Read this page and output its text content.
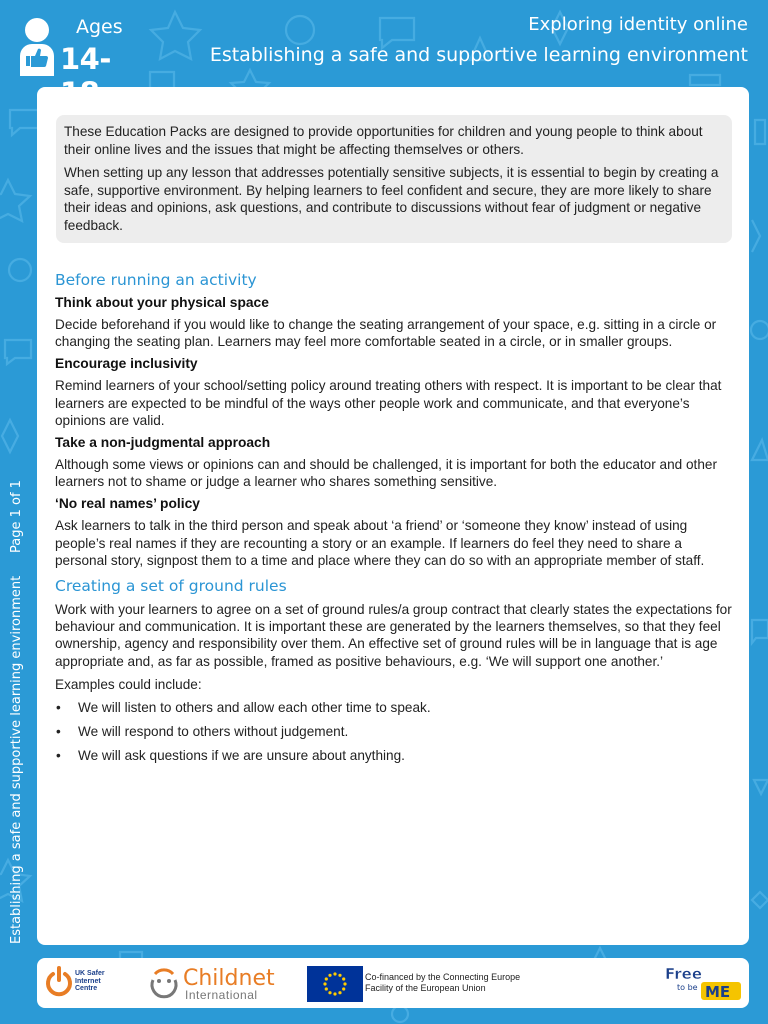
Ages
14-
Exploring identity online
Establishing a safe and supportive learning environment
Establishing a safe and supportive learning environment
Page 1 of 1

These Education Packs are designed to provide opportunities for children and young people to think about their online lives and the issues that might be affecting themselves or others.

When setting up any lesson that addresses potentially sensitive subjects, it is essential to begin by creating a safe, supportive environment. By helping learners to feel confident and secure, they are more likely to share their ideas and opinions, ask questions, and contribute to discussions without fear of judgment or negative feedback.

Before running an activity
Think about your physical space

Decide beforehand if you would like to change the seating arrangement of your space, e.g. sitting in a circle or changing the seating plan. Learners may feel more comfortable seated in a circle, or in smaller groups.

Encourage inclusivity

Remind learners of your school/setting policy around treating others with respect. It is important to be clear that learners are expected to be mindful of the ways other people work and communicate, and that everyone’s opinions are valid.

Take a non-judgmental approach

Although some views or opinions can and should be challenged, it is important for both the educator and other learners not to shame or judge a learner who shares something sensitive.

‘No real names’ policy

Ask learners to talk in the third person and speak about ‘a friend’ or ‘someone they know’ instead of using people’s real names if they are recounting a story or an example. If learners do feel they need to share a personal story, signpost them to a time and place where they can do so with an appropriate member of staff.

Creating a set of ground rules

Work with your learners to agree on a set of ground rules/a group contract that clearly states the expectations for behaviour and communication. It is important these are generated by the learners themselves, so that they feel ownership, agency and responsibility over them. An effective set of ground rules will be in language that is age appropriate and, as far as possible, framed as positive behaviours, e.g. ‘We will support one another.’

Examples could include:

• We will listen to others and allow each other time to speak.
• We will respond to others without judgement.
• We will ask questions if we are unsure about anything.
UK Safer
Internet
Centre	Childnet
International
Co-financed by the Connecting Europe
Facility of the European Union
Free
to be ME
